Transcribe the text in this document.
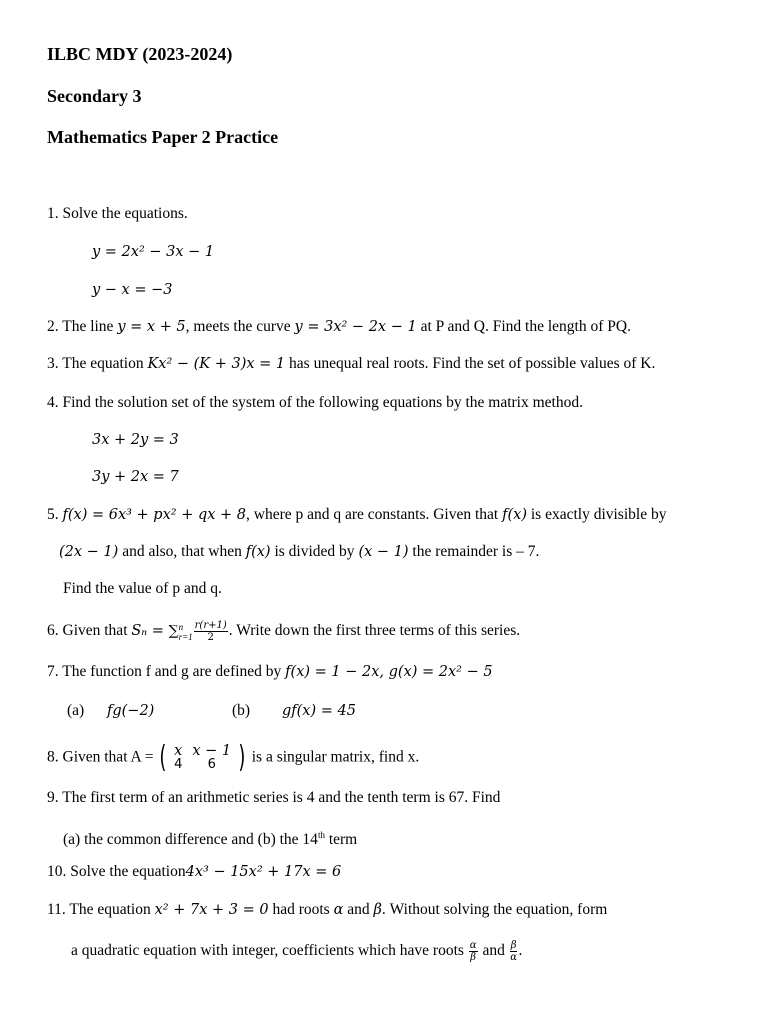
ILBC MDY (2023-2024)
Secondary 3
Mathematics Paper 2 Practice
1. Solve the equations.
y = 2x² − 3x − 1
y − x = −3
2. The line y = x + 5, meets the curve y = 3x² − 2x − 1 at P and Q. Find the length of PQ.
3. The equation Kx² − (K + 3)x = 1 has unequal real roots. Find the set of possible values of K.
4. Find the solution set of the system of the following equations by the matrix method.
3x + 2y = 3
3y + 2x = 7
5. f(x) = 6x³ + px² + qx + 8, where p and q are constants. Given that f(x) is exactly divisible by
(2x − 1) and also, that when f(x) is divided by (x − 1) the remainder is – 7.
Find the value of p and q.
6. Given that Sₙ = ∑n
$r=1 \frac{r(r+1)}{2}$ . Write down the first three terms of this series.
7. The function f and g are defined by f(x) = 1 − 2x, g(x) = 2x² − 5
(a) fg(−2)	(b) gf(x) = 45
8. Given that A = ( x	x − 1
4	6 ) is a singular matrix, find x.
9. The first term of an arithmetic series is 4 and the tenth term is 67. Find
(a) the common difference and (b) the 14th term
10. Solve the equation4x³ − 15x² + 17x = 6
11. The equation x² + 7x + 3 = 0 had roots α and β. Without solving the equation, form
a quadratic equation with integer, coefficients which have roots $\frac{\alpha}{\beta}$ and $\frac{\beta}{\alpha}$ .
